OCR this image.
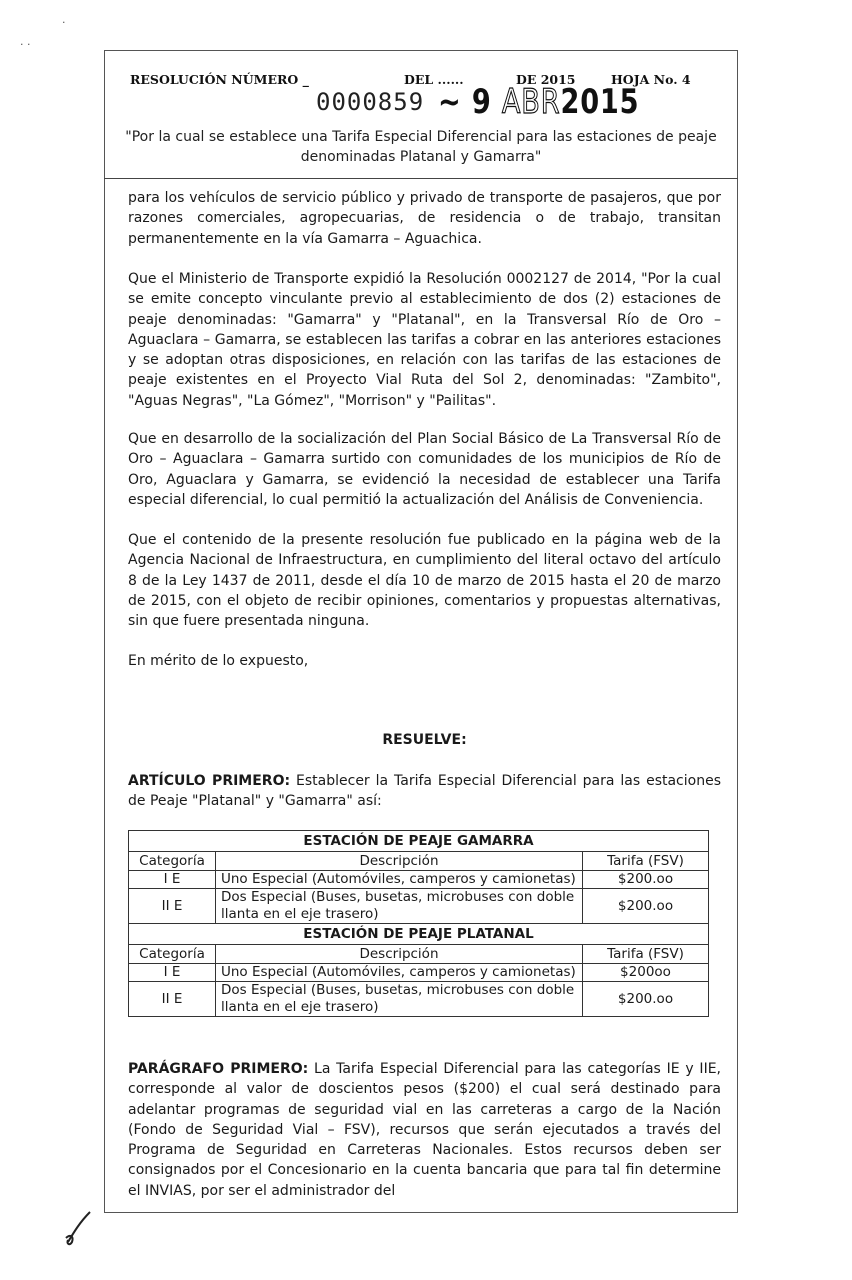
RESOLUCIÓN NÚMERO _	DEL ......	DE 2015	HOJA No. 4
0000859 ~ 9 ABR2015
"Por la cual se establece una Tarifa Especial Diferencial para las estaciones de peaje
denominadas Platanal y Gamarra"
para los vehículos de servicio público y privado de transporte de pasajeros, que por razones comerciales, agropecuarias, de residencia o de trabajo, transitan permanentemente en la vía Gamarra – Aguachica.
Que el Ministerio de Transporte expidió la Resolución 0002127 de 2014, "Por la cual se emite concepto vinculante previo al establecimiento de dos (2) estaciones de peaje denominadas: "Gamarra" y "Platanal", en la Transversal Río de Oro – Aguaclara – Gamarra, se establecen las tarifas a cobrar en las anteriores estaciones y se adoptan otras disposiciones, en relación con las tarifas de las estaciones de peaje existentes en el Proyecto Vial Ruta del Sol 2, denominadas: "Zambito", "Aguas Negras", "La Gómez", "Morrison" y "Pailitas".
Que en desarrollo de la socialización del Plan Social Básico de La Transversal Río de Oro – Aguaclara – Gamarra surtido con comunidades de los municipios de Río de Oro, Aguaclara y Gamarra, se evidenció la necesidad de establecer una Tarifa especial diferencial, lo cual permitió la actualización del Análisis de Conveniencia.
Que el contenido de la presente resolución fue publicado en la página web de la Agencia Nacional de Infraestructura, en cumplimiento del literal octavo del artículo 8 de la Ley 1437 de 2011, desde el día 10 de marzo de 2015 hasta el 20 de marzo de 2015, con el objeto de recibir opiniones, comentarios y propuestas alternativas, sin que fuere presentada ninguna.
En mérito de lo expuesto,
RESUELVE:
ARTÍCULO PRIMERO: Establecer la Tarifa Especial Diferencial para las estaciones de Peaje "Platanal" y "Gamarra" así:
ESTACIÓN DE PEAJE GAMARRA		
Categoría	Descripción	Tarifa (FSV)
I E	Uno Especial (Automóviles, camperos y camionetas)	$200.oo
II E	Dos Especial (Buses, busetas, microbuses con doble llanta en el eje trasero)	$200.oo
ESTACIÓN DE PEAJE PLATANAL		
Categoría	Descripción	Tarifa (FSV)
I E	Uno Especial (Automóviles, camperos y camionetas)	$200oo
II E	Dos Especial (Buses, busetas, microbuses con doble llanta en el eje trasero)	$200.oo
PARÁGRAFO PRIMERO: La Tarifa Especial Diferencial para las categorías IE y IIE, corresponde al valor de doscientos pesos ($200) el cual será destinado para adelantar programas de seguridad vial en las carreteras a cargo de la Nación (Fondo de Seguridad Vial – FSV), recursos que serán ejecutados a través del Programa de Seguridad en Carreteras Nacionales. Estos recursos deben ser consignados por el Concesionario en la cuenta bancaria que para tal fin determine el INVIAS, por ser el administrador del
·
· ·
